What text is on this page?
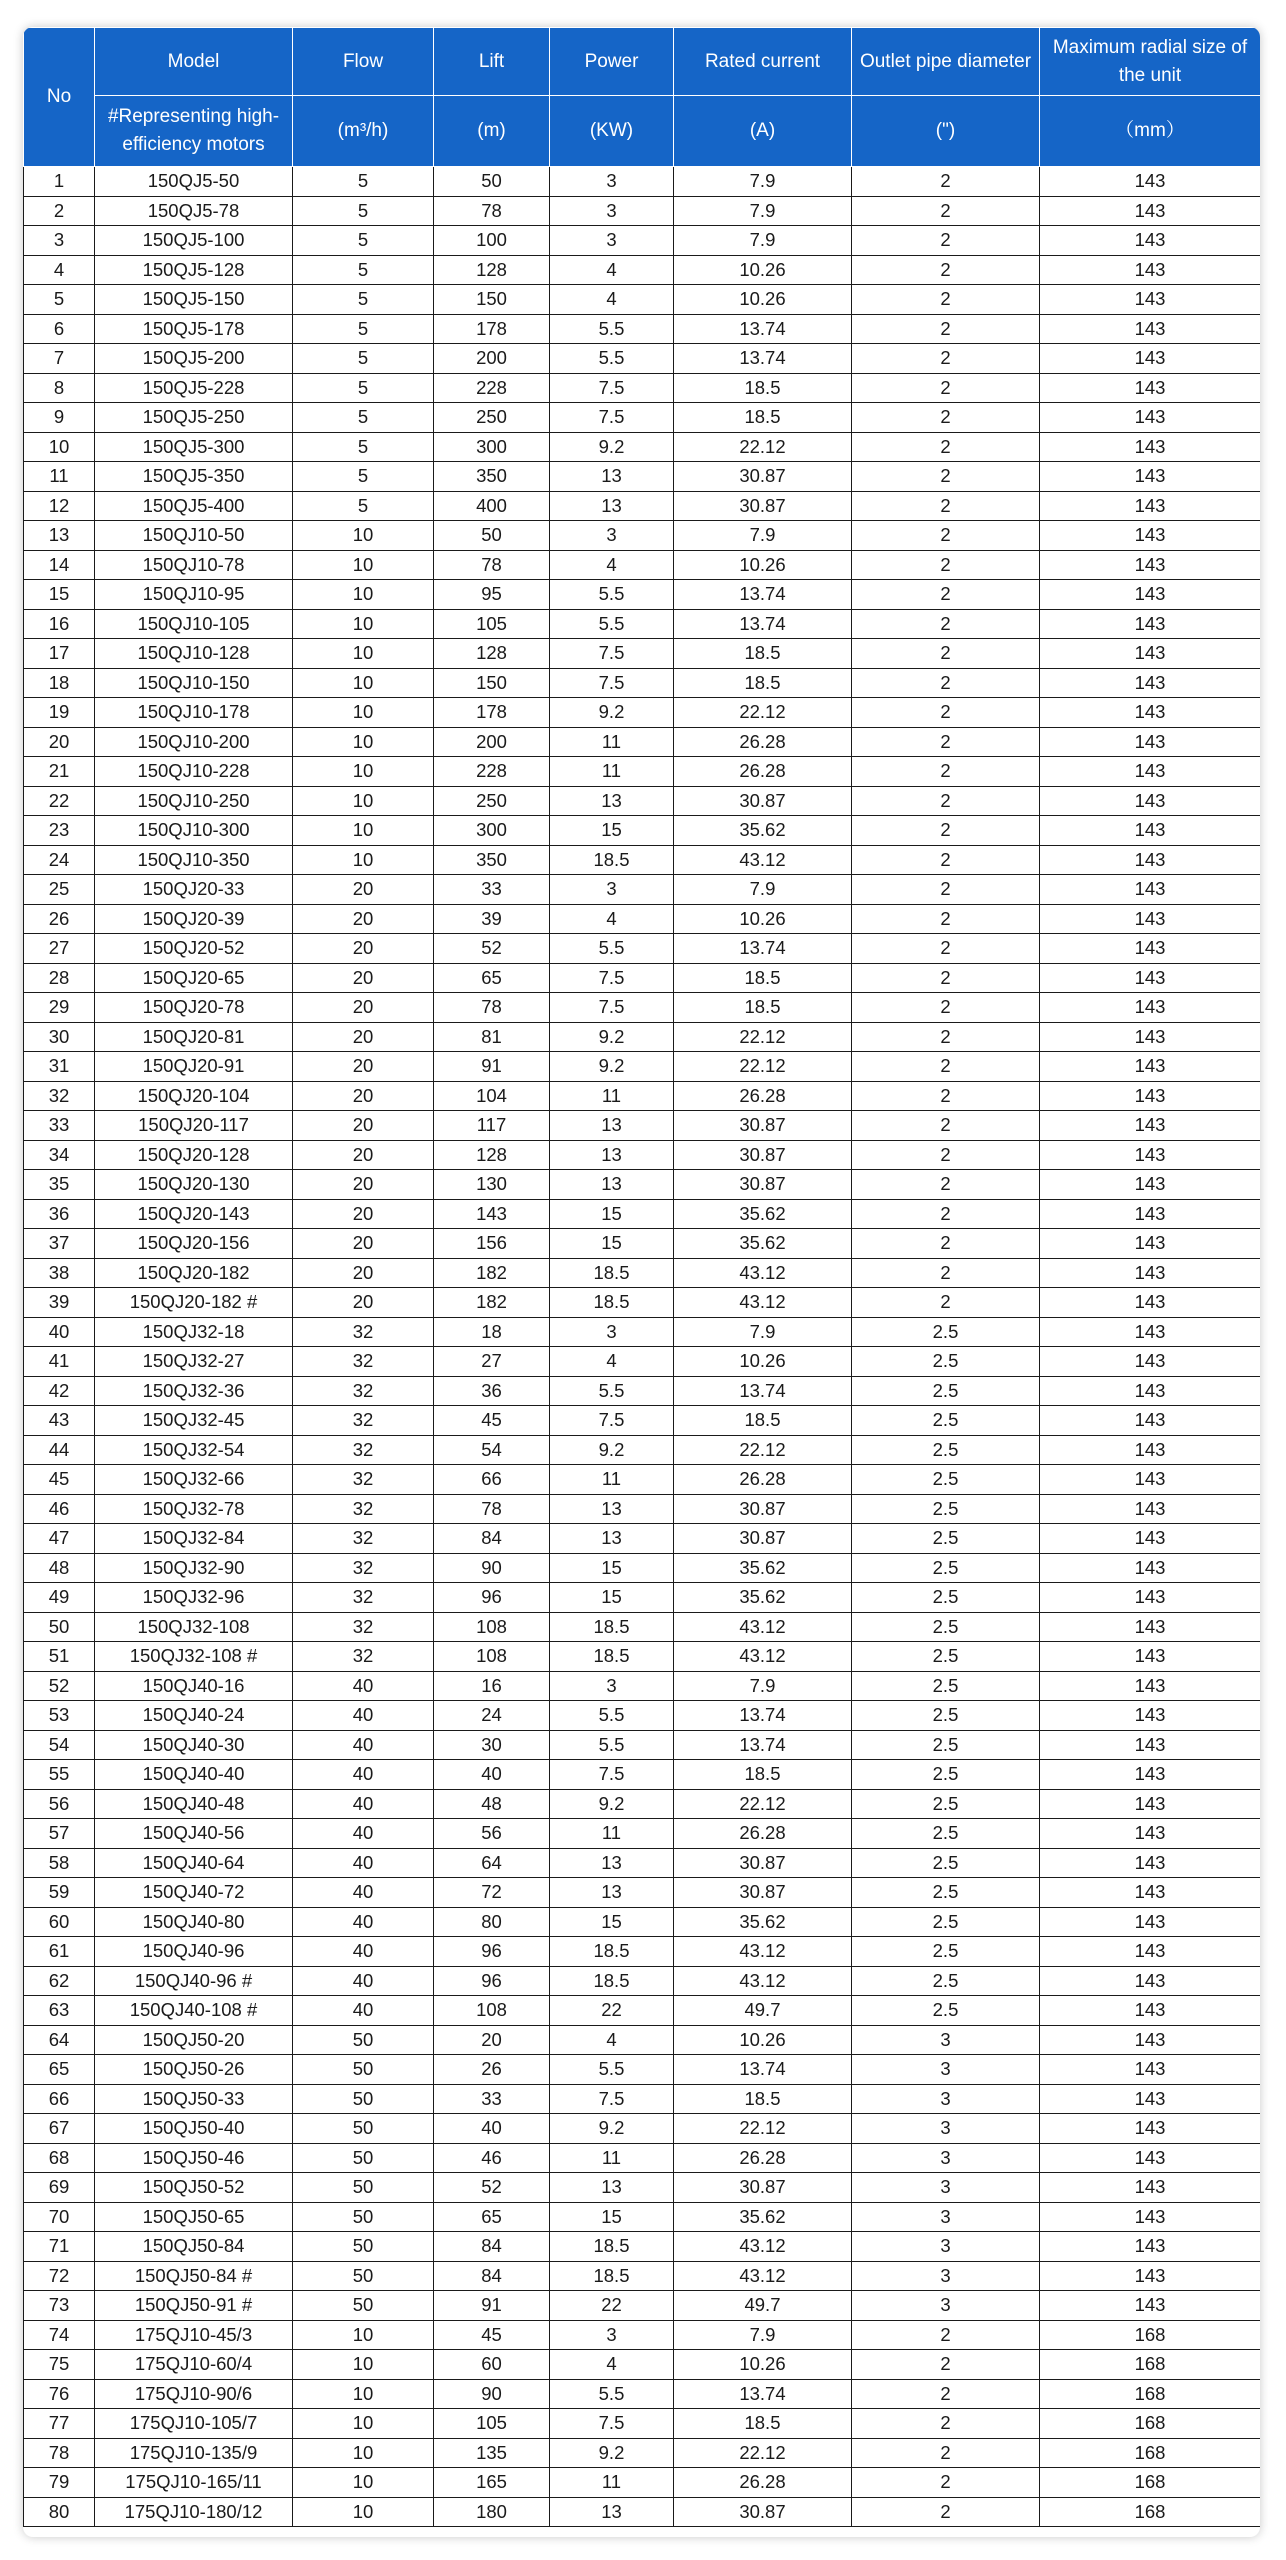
No	Model	Flow	Lift	Power	Rated current	Outlet pipe diameter	Maximum radial size of the unit
	#Representing high-efficiency motors	(m³/h)	(m)	(KW)	(A)	(")	（mm）
1	150QJ5-50	5	50	3	7.9	2	143
2	150QJ5-78	5	78	3	7.9	2	143
3	150QJ5-100	5	100	3	7.9	2	143
4	150QJ5-128	5	128	4	10.26	2	143
5	150QJ5-150	5	150	4	10.26	2	143
6	150QJ5-178	5	178	5.5	13.74	2	143
7	150QJ5-200	5	200	5.5	13.74	2	143
8	150QJ5-228	5	228	7.5	18.5	2	143
9	150QJ5-250	5	250	7.5	18.5	2	143
10	150QJ5-300	5	300	9.2	22.12	2	143
11	150QJ5-350	5	350	13	30.87	2	143
12	150QJ5-400	5	400	13	30.87	2	143
13	150QJ10-50	10	50	3	7.9	2	143
14	150QJ10-78	10	78	4	10.26	2	143
15	150QJ10-95	10	95	5.5	13.74	2	143
16	150QJ10-105	10	105	5.5	13.74	2	143
17	150QJ10-128	10	128	7.5	18.5	2	143
18	150QJ10-150	10	150	7.5	18.5	2	143
19	150QJ10-178	10	178	9.2	22.12	2	143
20	150QJ10-200	10	200	11	26.28	2	143
21	150QJ10-228	10	228	11	26.28	2	143
22	150QJ10-250	10	250	13	30.87	2	143
23	150QJ10-300	10	300	15	35.62	2	143
24	150QJ10-350	10	350	18.5	43.12	2	143
25	150QJ20-33	20	33	3	7.9	2	143
26	150QJ20-39	20	39	4	10.26	2	143
27	150QJ20-52	20	52	5.5	13.74	2	143
28	150QJ20-65	20	65	7.5	18.5	2	143
29	150QJ20-78	20	78	7.5	18.5	2	143
30	150QJ20-81	20	81	9.2	22.12	2	143
31	150QJ20-91	20	91	9.2	22.12	2	143
32	150QJ20-104	20	104	11	26.28	2	143
33	150QJ20-117	20	117	13	30.87	2	143
34	150QJ20-128	20	128	13	30.87	2	143
35	150QJ20-130	20	130	13	30.87	2	143
36	150QJ20-143	20	143	15	35.62	2	143
37	150QJ20-156	20	156	15	35.62	2	143
38	150QJ20-182	20	182	18.5	43.12	2	143
39	150QJ20-182 #	20	182	18.5	43.12	2	143
40	150QJ32-18	32	18	3	7.9	2.5	143
41	150QJ32-27	32	27	4	10.26	2.5	143
42	150QJ32-36	32	36	5.5	13.74	2.5	143
43	150QJ32-45	32	45	7.5	18.5	2.5	143
44	150QJ32-54	32	54	9.2	22.12	2.5	143
45	150QJ32-66	32	66	11	26.28	2.5	143
46	150QJ32-78	32	78	13	30.87	2.5	143
47	150QJ32-84	32	84	13	30.87	2.5	143
48	150QJ32-90	32	90	15	35.62	2.5	143
49	150QJ32-96	32	96	15	35.62	2.5	143
50	150QJ32-108	32	108	18.5	43.12	2.5	143
51	150QJ32-108 #	32	108	18.5	43.12	2.5	143
52	150QJ40-16	40	16	3	7.9	2.5	143
53	150QJ40-24	40	24	5.5	13.74	2.5	143
54	150QJ40-30	40	30	5.5	13.74	2.5	143
55	150QJ40-40	40	40	7.5	18.5	2.5	143
56	150QJ40-48	40	48	9.2	22.12	2.5	143
57	150QJ40-56	40	56	11	26.28	2.5	143
58	150QJ40-64	40	64	13	30.87	2.5	143
59	150QJ40-72	40	72	13	30.87	2.5	143
60	150QJ40-80	40	80	15	35.62	2.5	143
61	150QJ40-96	40	96	18.5	43.12	2.5	143
62	150QJ40-96 #	40	96	18.5	43.12	2.5	143
63	150QJ40-108 #	40	108	22	49.7	2.5	143
64	150QJ50-20	50	20	4	10.26	3	143
65	150QJ50-26	50	26	5.5	13.74	3	143
66	150QJ50-33	50	33	7.5	18.5	3	143
67	150QJ50-40	50	40	9.2	22.12	3	143
68	150QJ50-46	50	46	11	26.28	3	143
69	150QJ50-52	50	52	13	30.87	3	143
70	150QJ50-65	50	65	15	35.62	3	143
71	150QJ50-84	50	84	18.5	43.12	3	143
72	150QJ50-84 #	50	84	18.5	43.12	3	143
73	150QJ50-91 #	50	91	22	49.7	3	143
74	175QJ10-45/3	10	45	3	7.9	2	168
75	175QJ10-60/4	10	60	4	10.26	2	168
76	175QJ10-90/6	10	90	5.5	13.74	2	168
77	175QJ10-105/7	10	105	7.5	18.5	2	168
78	175QJ10-135/9	10	135	9.2	22.12	2	168
79	175QJ10-165/11	10	165	11	26.28	2	168
80	175QJ10-180/12	10	180	13	30.87	2	168
